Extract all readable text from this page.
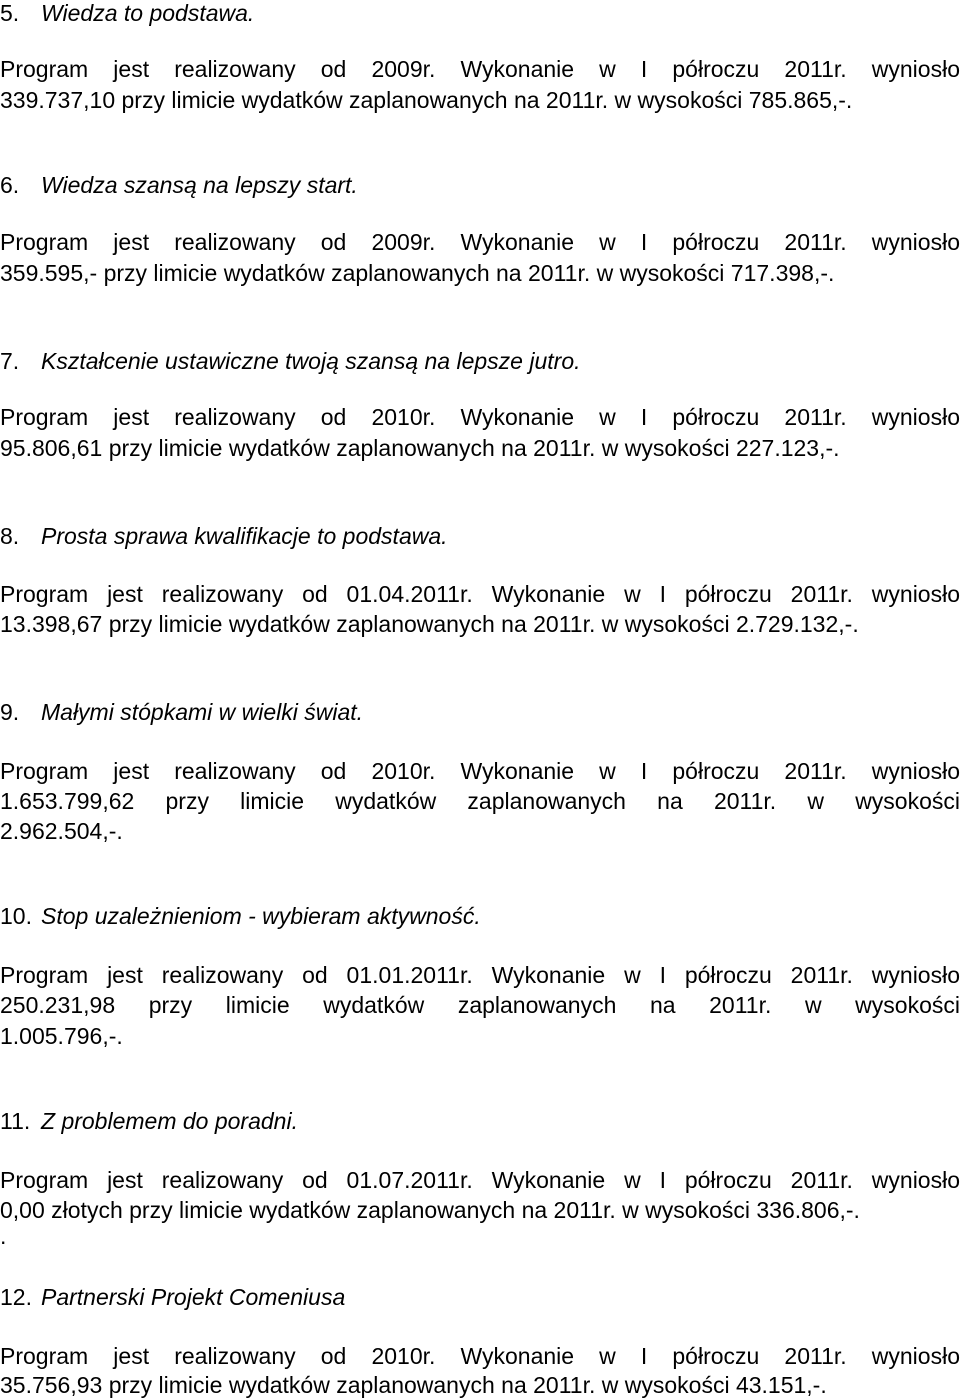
5. Wiedza to podstawa.
Program jest realizowany od 2009r. Wykonanie w I półroczu 2011r. wyniosło
339.737,10 przy limicie wydatków zaplanowanych na 2011r. w wysokości 785.865,-.
6. Wiedza szansą na lepszy start.
Program jest realizowany od 2009r. Wykonanie w I półroczu 2011r. wyniosło
359.595,- przy limicie wydatków zaplanowanych na 2011r. w wysokości 717.398,-.
7. Kształcenie ustawiczne twoją szansą na lepsze jutro.
Program jest realizowany od 2010r. Wykonanie w I półroczu 2011r. wyniosło
95.806,61 przy limicie wydatków zaplanowanych na 2011r. w wysokości 227.123,-.
8. Prosta sprawa kwalifikacje to podstawa.
Program jest realizowany od 01.04.2011r. Wykonanie w I półroczu 2011r. wyniosło
13.398,67 przy limicie wydatków zaplanowanych na 2011r. w wysokości 2.729.132,-.
9. Małymi stópkami w wielki świat.
Program jest realizowany od 2010r. Wykonanie w I półroczu 2011r. wyniosło
1.653.799,62 przy limicie wydatków zaplanowanych na 2011r. w wysokości
2.962.504,-.
10. Stop uzależnieniom - wybieram aktywność.
Program jest realizowany od 01.01.2011r. Wykonanie w I półroczu 2011r. wyniosło
250.231,98 przy limicie wydatków zaplanowanych na 2011r. w wysokości
1.005.796,-.
11. Z problemem do poradni.
Program jest realizowany od 01.07.2011r. Wykonanie w I półroczu 2011r. wyniosło
0,00 złotych przy limicie wydatków zaplanowanych na 2011r. w wysokości 336.806,-.
.
12. Partnerski Projekt Comeniusa
Program jest realizowany od 2010r. Wykonanie w I półroczu 2011r. wyniosło
35.756,93 przy limicie wydatków zaplanowanych na 2011r. w wysokości 43.151,-.
